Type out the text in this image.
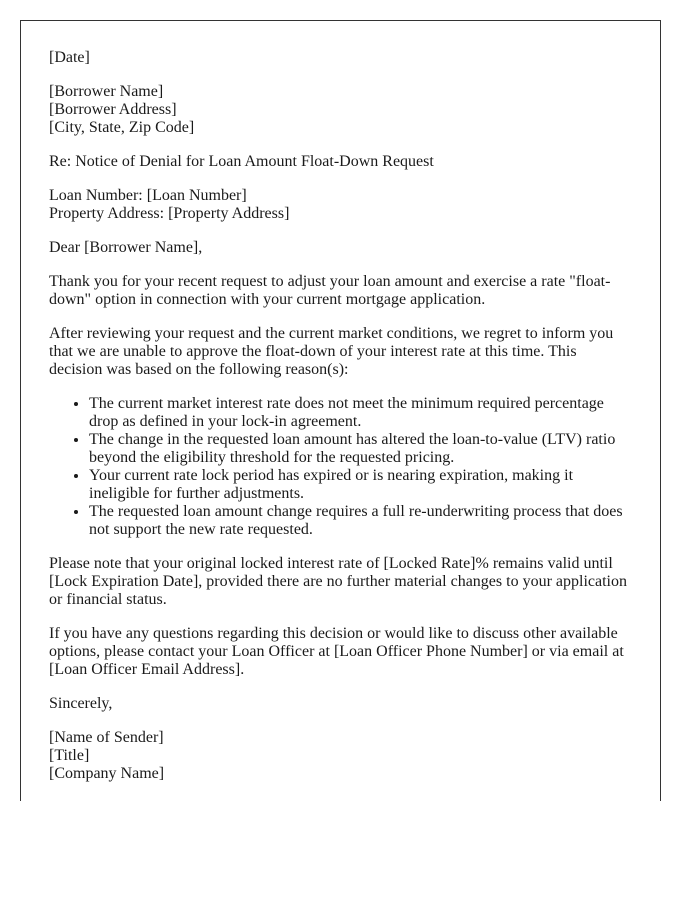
[Date]

[Borrower Name]
[Borrower Address]
[City, State, Zip Code]

Re: Notice of Denial for Loan Amount Float-Down Request

Loan Number: [Loan Number]
Property Address: [Property Address]

Dear [Borrower Name],

Thank you for your recent request to adjust your loan amount and exercise a rate "float-down" option in connection with your current mortgage application.

After reviewing your request and the current market conditions, we regret to inform you that we are unable to approve the float-down of your interest rate at this time. This decision was based on the following reason(s):

• The current market interest rate does not meet the minimum required percentage drop as defined in your lock-in agreement.
• The change in the requested loan amount has altered the loan-to-value (LTV) ratio beyond the eligibility threshold for the requested pricing.
• Your current rate lock period has expired or is nearing expiration, making it ineligible for further adjustments.
• The requested loan amount change requires a full re-underwriting process that does not support the new rate requested.

Please note that your original locked interest rate of [Locked Rate]% remains valid until [Lock Expiration Date], provided there are no further material changes to your application or financial status.

If you have any questions regarding this decision or would like to discuss other available options, please contact your Loan Officer at [Loan Officer Phone Number] or via email at [Loan Officer Email Address].

Sincerely,

[Name of Sender]
[Title]
[Company Name]
